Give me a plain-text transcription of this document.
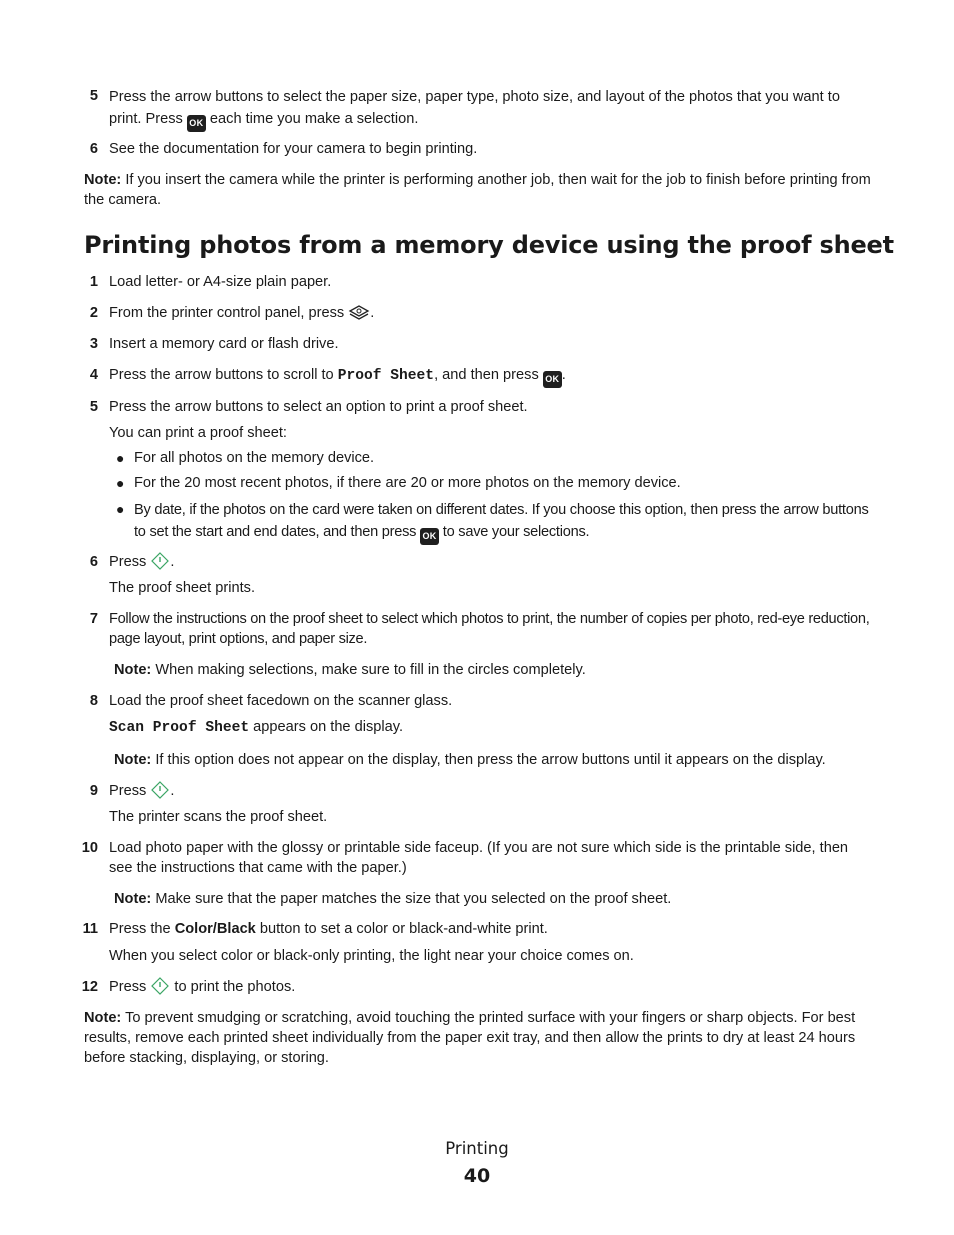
5 Press the arrow buttons to select the paper size, paper type, photo size, and layout of the photos that you want to print. Press OK each time you make a selection.
6 See the documentation for your camera to begin printing.
Note: If you insert the camera while the printer is performing another job, then wait for the job to finish before printing from the camera.
Printing photos from a memory device using the proof sheet
1 Load letter- or A4-size plain paper.
2 From the printer control panel, press .
3 Insert a memory card or flash drive.
4 Press the arrow buttons to scroll to Proof Sheet, and then press OK .
5 Press the arrow buttons to select an option to print a proof sheet.
You can print a proof sheet:
● For all photos on the memory device.
● For the 20 most recent photos, if there are 20 or more photos on the memory device.
● By date, if the photos on the card were taken on different dates. If you choose this option, then press the arrow buttons to set the start and end dates, and then press OK to save your selections.
6 Press .
The proof sheet prints.
7 Follow the instructions on the proof sheet to select which photos to print, the number of copies per photo, red-eye reduction, page layout, print options, and paper size.
Note: When making selections, make sure to fill in the circles completely.
8 Load the proof sheet facedown on the scanner glass.
Scan Proof Sheet appears on the display.
Note: If this option does not appear on the display, then press the arrow buttons until it appears on the display.
9 Press .
The printer scans the proof sheet.
10 Load photo paper with the glossy or printable side faceup. (If you are not sure which side is the printable side, then see the instructions that came with the paper.)
Note: Make sure that the paper matches the size that you selected on the proof sheet.
11 Press the Color/Black button to set a color or black-and-white print.
When you select color or black-only printing, the light near your choice comes on.
12 Press  to print the photos.
Note: To prevent smudging or scratching, avoid touching the printed surface with your fingers or sharp objects. For best results, remove each printed sheet individually from the paper exit tray, and then allow the prints to dry at least 24 hours before stacking, displaying, or storing.
Printing
40
